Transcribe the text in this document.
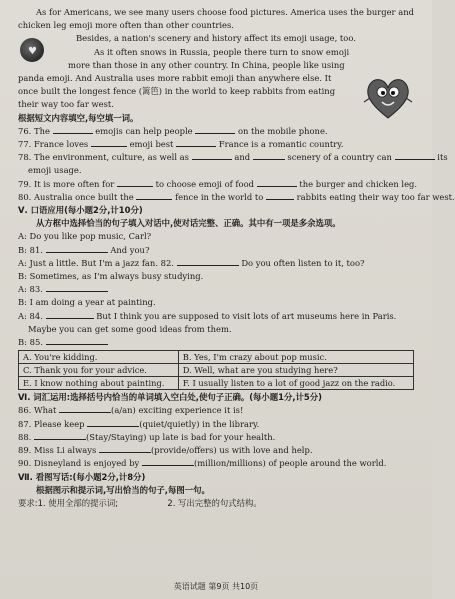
As for Americans, we see many users choose food pictures. America uses the burger and
chicken leg emoji more often than other countries.
Besides, a nation's scenery and history affect its emoji usage, too.
As it often snows in Russia, people there turn to snow emoji
more than those in any other country. In China, people like using
panda emoji. And Australia uses more rabbit emoji than anywhere else. It
once built the longest fence (篱笆) in the world to keep rabbits from eating
their way too far west.
♥
根据短文内容填空,每空填一词。
76. The	emojis can help people	on the mobile phone.
77. France loves	emoji best	France is a romantic country.
78. The environment, culture, as well as	and	scenery of a country can	its
emoji usage.
79. It is more often for	to choose emoji of food	the burger and chicken leg.
80. Australia once built the	fence in the world to	rabbits eating their way too far west.
Ⅴ. 口语应用(每小题2分,计10分)
从方框中选择恰当的句子填入对话中,使对话完整、正确。其中有一项是多余选项。
A: Do you like pop music, Carl?
B: 81.	And you?
A: Just a little. But I'm a jazz fan. 82.	Do you often listen to it, too?
B: Sometimes, as I'm always busy studying.
A: 83.
B: I am doing a year at painting.
A: 84.	But I think you are supposed to visit lots of art museums here in Paris.
Maybe you can get some good ideas from them.
B: 85.
A. You're kidding.	B. Yes, I'm crazy about pop music.
C. Thank you for your advice.	D. Well, what are you studying here?
E. I know nothing about painting.	F. I usually listen to a lot of good jazz on the radio.
Ⅵ. 词汇运用:选择括号内恰当的单词填入空白处,使句子正确。(每小题1分,计5分)
86. What	(a/an) exciting experience it is!
87. Please keep	(quiet/quietly) in the library.
88.	(Stay/Staying) up late is bad for your health.
89. Miss Li always	(provide/offers) us with love and help.
90. Disneyland is enjoyed by	(million/millions) of people around the world.
Ⅶ. 看图写话:(每小题2分,计8分)
根据图示和提示词,写出恰当的句子,每图一句。
要求:1. 使用全部的提示词;	2. 写出完整的句式结构。
英语试题 第9页 共10页
